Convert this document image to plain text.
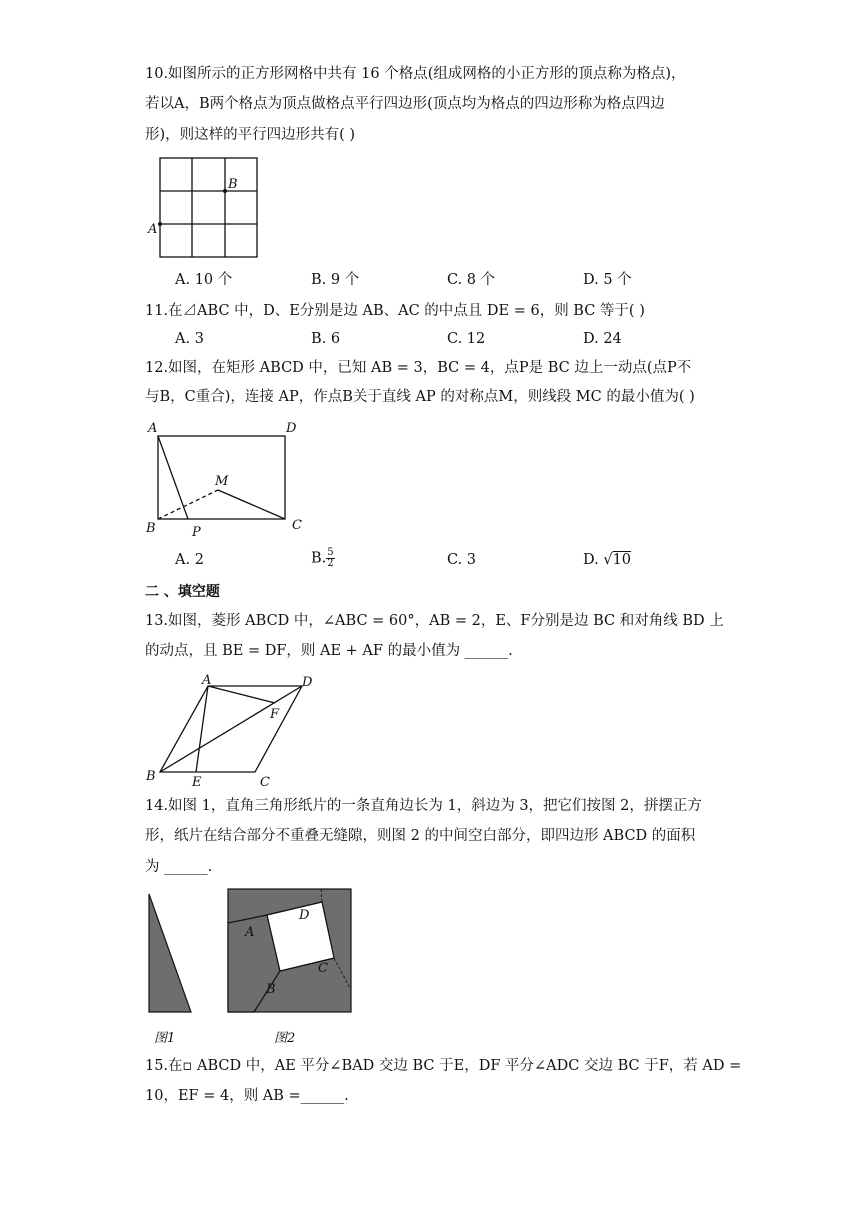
10.如图所示的正方形网格中共有 16 个格点(组成网格的小正方形的顶点称为格点)，
若以A，B两个格点为顶点做格点平行四边形(顶点均为格点的四边形称为格点四边
形)，则这样的平行四边形共有( )
B
A
A. 10 个	B. 9 个	C. 8 个	D. 5 个
11.在⊿ABC 中，D、E分别是边 AB、AC 的中点且 DE = 6，则 BC 等于( )
A. 3	B. 6	C. 12	D. 24
12.如图，在矩形 ABCD 中，已知 AB = 3，BC = 4，点P是 BC 边上一动点(点P不
与B，C重合)，连接 AP，作点B关于直线 AP 的对称点M，则线段 MC 的最小值为( )
A	D
B	C
M
P
A. 2	B. $\frac{5}{2}$	C. 3	D. √10
二 、填空题
13.如图，菱形 ABCD 中，∠ABC = 60°，AB = 2，E、F分别是边 BC 和对角线 BD 上
的动点，且 BE = DF，则 AE + AF 的最小值为 ______.
A	D
B	E	C
F
14.如图 1，直角三角形纸片的一条直角边长为 1，斜边为 3，把它们按图 2，拼摆正方
形，纸片在结合部分不重叠无缝隙，则图 2 的中间空白部分，即四边形 ABCD 的面积
为 ______.
A
D
C
B
图1	图2
15.在▫ ABCD 中，AE 平分∠BAD 交边 BC 于E，DF 平分∠ADC 交边 BC 于F，若 AD =
10，EF = 4，则 AB =______.
